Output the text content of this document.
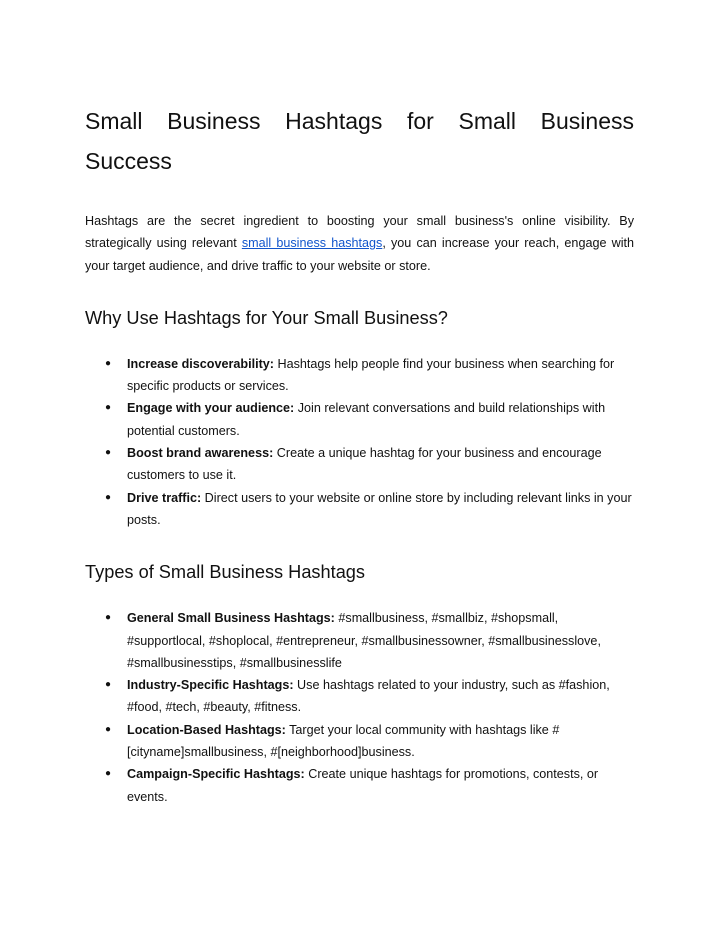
Small Business Hashtags for Small Business Success

Hashtags are the secret ingredient to boosting your small business's online visibility. By strategically using relevant small business hashtags, you can increase your reach, engage with your target audience, and drive traffic to your website or store.

Why Use Hashtags for Your Small Business?
● Increase discoverability: Hashtags help people find your business when searching for specific products or services.
● Engage with your audience: Join relevant conversations and build relationships with potential customers.
● Boost brand awareness: Create a unique hashtag for your business and encourage customers to use it.
● Drive traffic: Direct users to your website or online store by including relevant links in your posts.
Types of Small Business Hashtags
● General Small Business Hashtags: #smallbusiness, #smallbiz, #shopsmall, #supportlocal, #shoplocal, #entrepreneur, #smallbusinessowner, #smallbusinesslove, #smallbusinesstips, #smallbusinesslife
● Industry-Specific Hashtags: Use hashtags related to your industry, such as #fashion, #food, #tech, #beauty, #fitness.
● Location-Based Hashtags: Target your local community with hashtags like #[cityname]smallbusiness, #[neighborhood]business.
● Campaign-Specific Hashtags: Create unique hashtags for promotions, contests, or events.
